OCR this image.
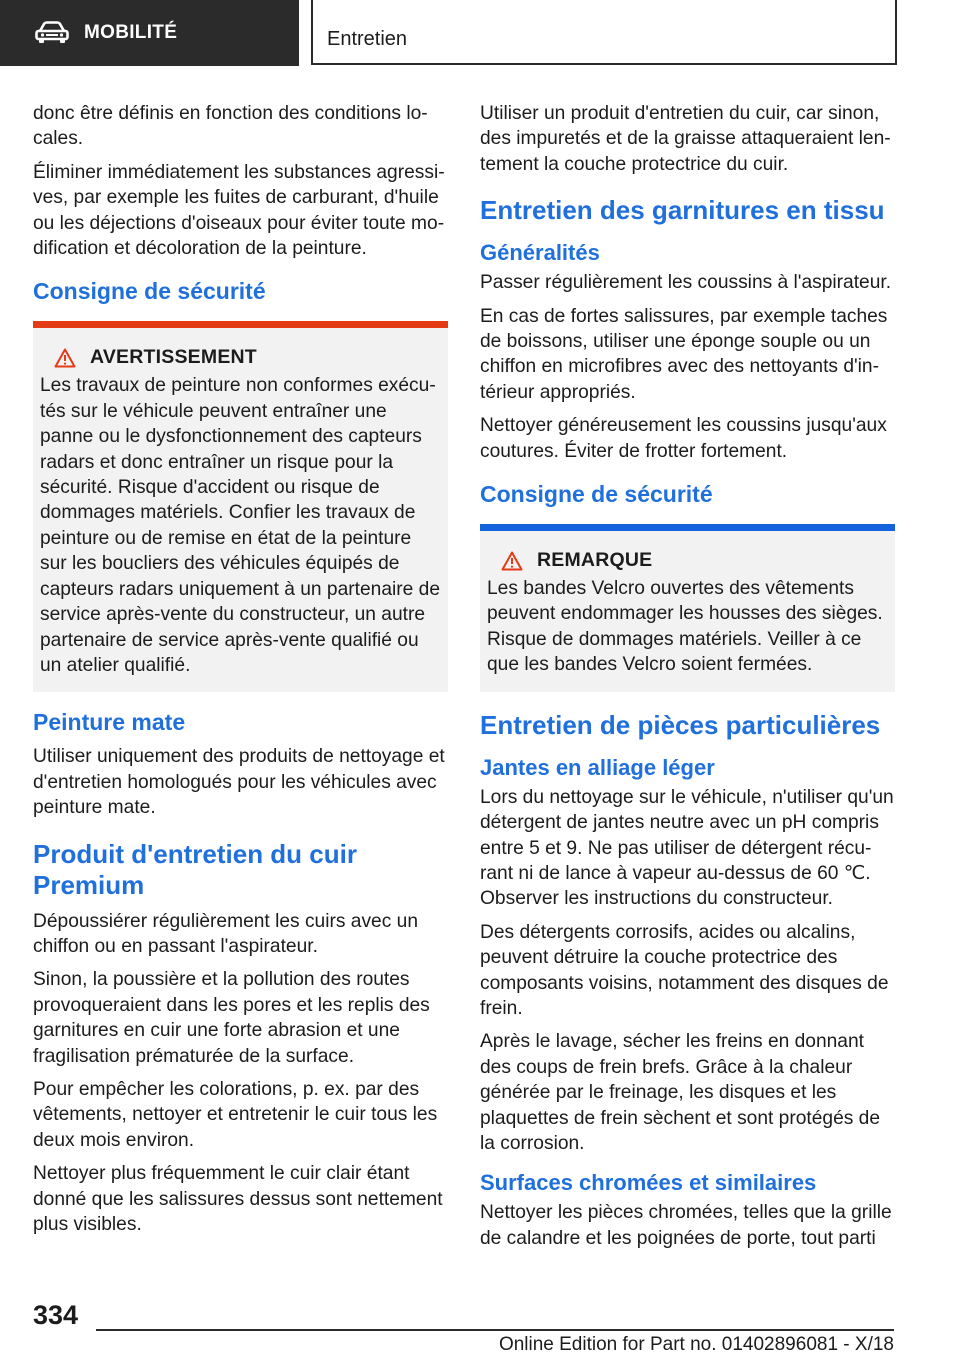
MOBILITÉ	Entretien

donc être définis en fonction des conditions locales.

Éliminer immédiatement les substances agressives, par exemple les fuites de carburant, d'huile ou les déjections d'oiseaux pour éviter toute modification et décoloration de la peinture.

Consigne de sécurité
AVERTISSEMENT

Les travaux de peinture non conformes exécutés sur le véhicule peuvent entraîner une panne ou le dysfonctionnement des capteurs radars et donc entraîner un risque pour la sécurité. Risque d'accident ou risque de dommages matériels. Confier les travaux de peinture ou de remise en état de la peinture sur les boucliers des véhicules équipés de capteurs radars uniquement à un partenaire de service après-vente du constructeur, un autre partenaire de service après-vente qualifié ou un atelier qualifié.

Peinture mate

Utiliser uniquement des produits de nettoyage et d'entretien homologués pour les véhicules avec peinture mate.

Produit d'entretien du cuir Premium

Dépoussiérer régulièrement les cuirs avec un chiffon ou en passant l'aspirateur.

Sinon, la poussière et la pollution des routes provoqueraient dans les pores et les replis des garnitures en cuir une forte abrasion et une fragilisation prématurée de la surface.

Pour empêcher les colorations, p. ex. par des vêtements, nettoyer et entretenir le cuir tous les deux mois environ.

Nettoyer plus fréquemment le cuir clair étant donné que les salissures dessus sont nettement plus visibles.

Utiliser un produit d'entretien du cuir, car sinon, des impuretés et de la graisse attaqueraient lentement la couche protectrice du cuir.

Entretien des garnitures en tissu
Généralités

Passer régulièrement les coussins à l'aspirateur.

En cas de fortes salissures, par exemple taches de boissons, utiliser une éponge souple ou un chiffon en microfibres avec des nettoyants d'intérieur appropriés.

Nettoyer généreusement les coussins jusqu'aux coutures. Éviter de frotter fortement.

Consigne de sécurité
REMARQUE

Les bandes Velcro ouvertes des vêtements peuvent endommager les housses des sièges. Risque de dommages matériels. Veiller à ce que les bandes Velcro soient fermées.

Entretien de pièces particulières
Jantes en alliage léger

Lors du nettoyage sur le véhicule, n'utiliser qu'un détergent de jantes neutre avec un pH compris entre 5 et 9. Ne pas utiliser de détergent récurant ni de lance à vapeur au-dessus de 60 ℃. Observer les instructions du constructeur.

Des détergents corrosifs, acides ou alcalins, peuvent détruire la couche protectrice des composants voisins, notamment des disques de frein.

Après le lavage, sécher les freins en donnant des coups de frein brefs. Grâce à la chaleur générée par le freinage, les disques et les plaquettes de frein sèchent et sont protégés de la corrosion.

Surfaces chromées et similaires

Nettoyer les pièces chromées, telles que la grille de calandre et les poignées de porte, tout parti

334
Online Edition for Part no. 01402896081 - X/18
